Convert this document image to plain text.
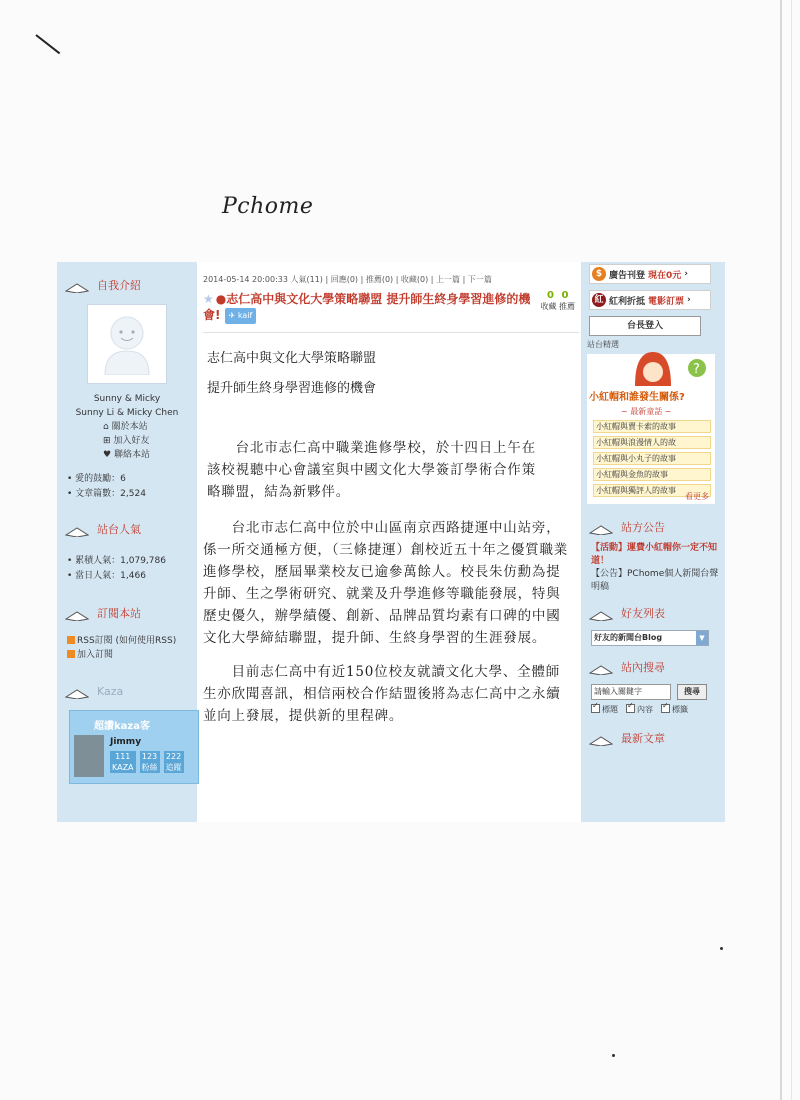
Pchome
自我介紹
Sunny & Micky
Sunny Li & Micky Chen
⌂ 關於本站
⊞ 加入好友
♥ 聯絡本站
• 愛的鼓勵：6
• 文章篇數：2,524
站台人氣
• 累積人氣：1,079,786
• 當日人氣：1,466
訂閱本站
RSS訂閱 (如何使用RSS)
加入訂閱
Kaza
超讚kaza客
Jimmy
111
KAZA
123
粉絲
222
追蹤
2014-05-14 20:00:33 人氣(11) | 回應(0) | 推薦(0) | 收藏(0) | 上一篇 | 下一篇
★ ●志仁高中與文化大學策略聯盟 提升師生終身學習進修的機會! ✈ kaif
0 0
收藏 推薦
志仁高中與文化大學策略聯盟
提升師生終身學習進修的機會
　　台北市志仁高中職業進修學校，於十四日上午在該校視聽中心會議室與中國文化大學簽訂學術合作策略聯盟，結為新夥伴。
　　台北市志仁高中位於中山區南京西路捷運中山站旁，係一所交通極方便，（三條捷運）創校近五十年之優質職業進修學校，歷屆畢業校友已逾參萬餘人。校長朱仿勳為提升師、生之學術研究、就業及升學進修等職能發展，特與歷史優久，辦學績優、創新、品牌品質均素有口碑的中國文化大學締結聯盟，提升師、生終身學習的生涯發展。
　　目前志仁高中有近150位校友就讀文化大學、全體師生亦欣聞喜訊，相信兩校合作結盟後將為志仁高中之永續並向上發展，提供新的里程碑。
$ 廣告刊登 現在0元 ›
紅 紅利折抵 電影訂票 ›
台長登入
站台精選
?
小紅帽和誰發生關係?
~ 最新童話 ~
小紅帽與賣卡索的故事
小紅帽與浪漫情人的故
小紅帽與小丸子的故事
小紅帽與金魚的故事
小紅帽與獨評人的故事
看更多
站方公告
【活動】運費小紅帽你一定不知道！
【公告】PChome個人新聞台聲明稿
好友列表
好友的新聞台Blog	▼
站內搜尋
請輸入關鍵字	搜尋
✓標題 ✓	內容 ✓	標籤
最新文章
